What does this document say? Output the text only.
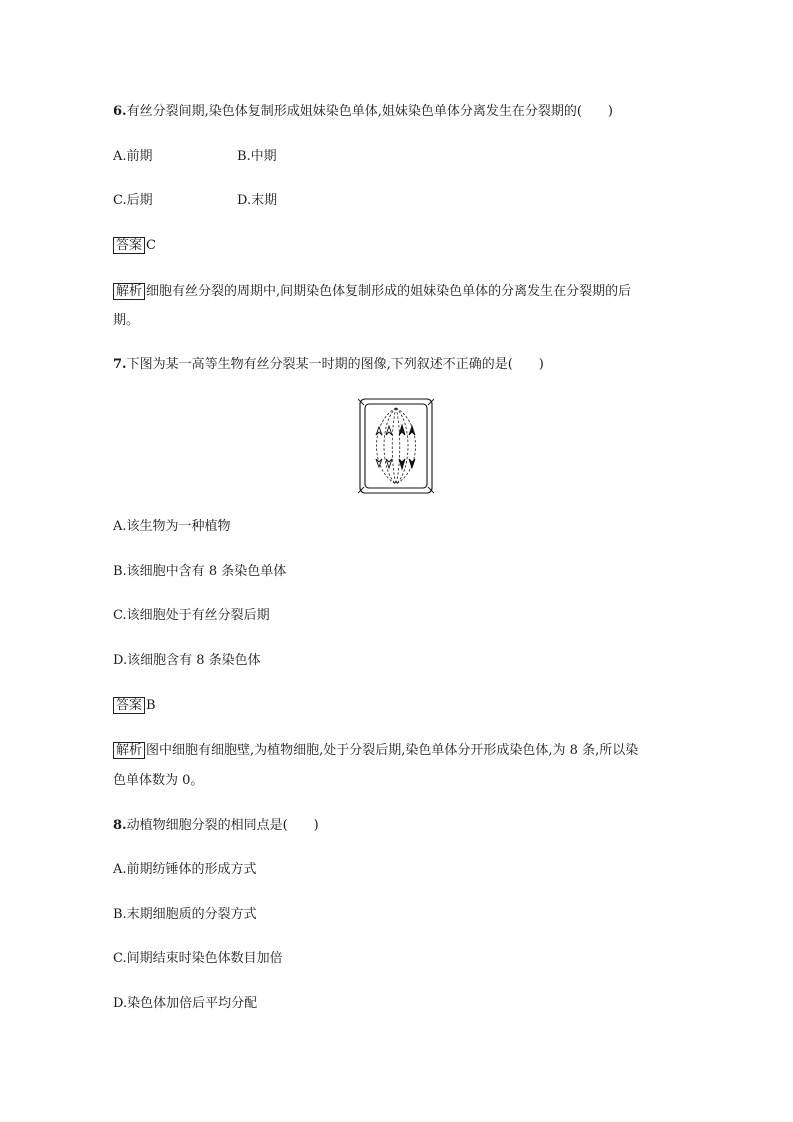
6.有丝分裂间期,染色体复制形成姐妹染色单体,姐妹染色单体分离发生在分裂期的(　　)
A.前期	B.中期
C.后期	D.末期
答案 C
解析 细胞有丝分裂的周期中,间期染色体复制形成的姐妹染色单体的分离发生在分裂期的后
期。
7.下图为某一高等生物有丝分裂某一时期的图像,下列叙述不正确的是(　　)
A.该生物为一种植物
B.该细胞中含有 8 条染色单体
C.该细胞处于有丝分裂后期
D.该细胞含有 8 条染色体
答案 B
解析 图中细胞有细胞壁,为植物细胞,处于分裂后期,染色单体分开形成染色体,为 8 条,所以染
色单体数为 0。
8.动植物细胞分裂的相同点是(　　)
A.前期纺锤体的形成方式
B.末期细胞质的分裂方式
C.间期结束时染色体数目加倍
D.染色体加倍后平均分配
